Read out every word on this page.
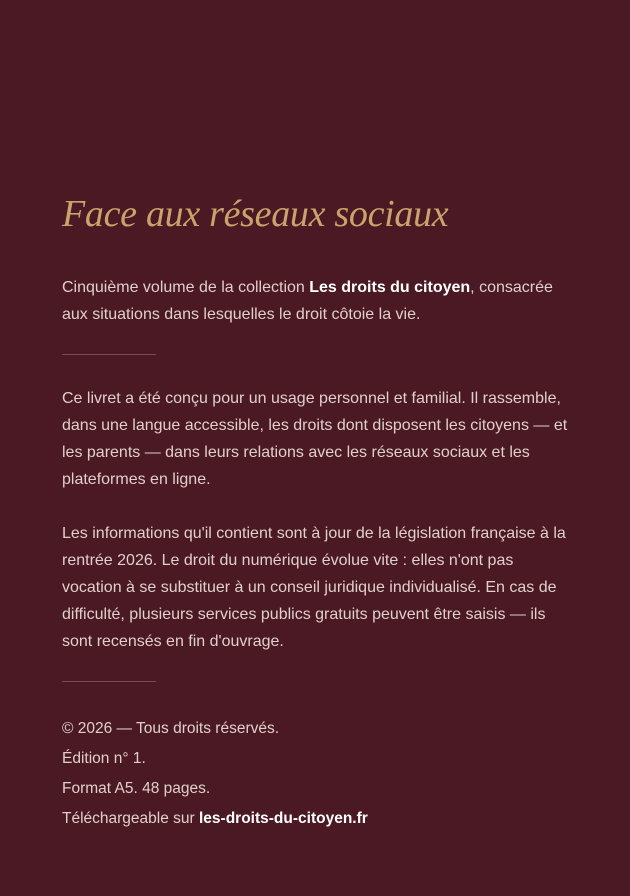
Face aux réseaux sociaux

Cinquième volume de la collection Les droits du citoyen, consacrée aux situations dans lesquelles le droit côtoie la vie.

Ce livret a été conçu pour un usage personnel et familial. Il rassemble, dans une langue accessible, les droits dont disposent les citoyens — et les parents — dans leurs relations avec les réseaux sociaux et les plateformes en ligne.

Les informations qu'il contient sont à jour de la législation française à la rentrée 2026. Le droit du numérique évolue vite : elles n'ont pas vocation à se substituer à un conseil juridique individualisé. En cas de difficulté, plusieurs services publics gratuits peuvent être saisis — ils sont recensés en fin d'ouvrage.

© 2026 — Tous droits réservés.

Édition n° 1.

Format A5. 48 pages.

Téléchargeable sur les-droits-du-citoyen.fr
